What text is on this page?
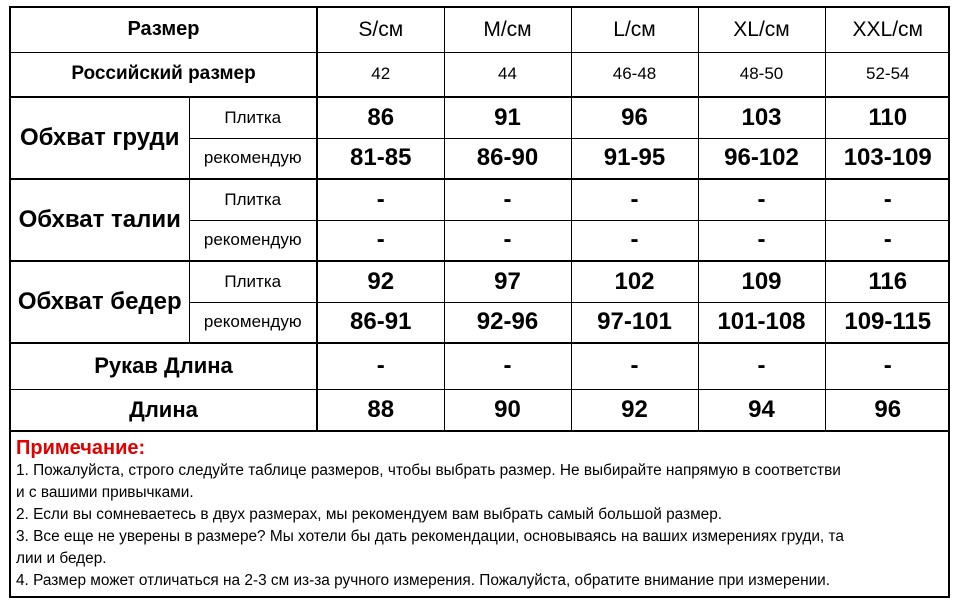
Размер		S/см	M/см	L/см	XL/см	XXL/см
Российский размер		42	44	46-48	48-50	52-54
Обхват груди	Плитка	86	91	96	103	110
	рекомендую	81-85	86-90	91-95	96-102	103-109
Обхват талии	Плитка	-	-	-	-	-
	рекомендую	-	-	-	-	-
Обхват бедер	Плитка	92	97	102	109	116
	рекомендую	86-91	92-96	97-101	101-108	109-115
Рукав Длина		-	-	-	-	-
Длина		88	90	92	94	96
Примечание:
1. Пожалуйста, строго следуйте таблице размеров, чтобы выбрать размер. Не выбирайте напрямую в соответстви
и с вашими привычками.
2. Если вы сомневаетесь в двух размерах, мы рекомендуем вам выбрать самый большой размер.
3. Все еще не уверены в размере? Мы хотели бы дать рекомендации, основываясь на ваших измерениях груди, та
лии и бедер.
4. Размер может отличаться на 2-3 см из-за ручного измерения. Пожалуйста, обратите внимание при измерении.
